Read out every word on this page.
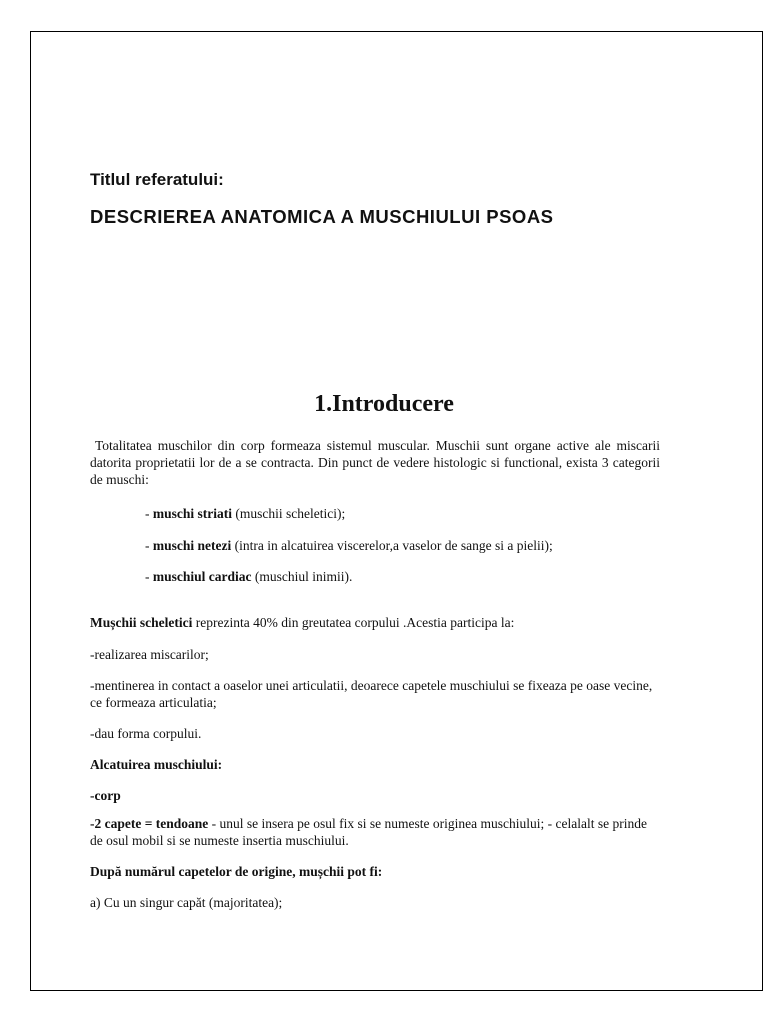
Titlul referatului:
DESCRIEREA ANATOMICA A MUSCHIULUI PSOAS
1.Introducere
Totalitatea muschilor din corp formeaza sistemul muscular. Muschii sunt organe active ale miscarii datorita proprietatii lor de a se contracta. Din punct de vedere histologic si functional, exista 3 categorii de muschi:
- muschi striati (muschii scheletici);
- muschi netezi (intra in alcatuirea viscerelor,a vaselor de sange si a pielii);
- muschiul cardiac (muschiul inimii).
Mușchii scheletici reprezinta 40% din greutatea corpului .Acestia participa la:
-realizarea miscarilor;
-mentinerea in contact a oaselor unei articulatii, deoarece capetele muschiului se fixeaza pe oase vecine, ce formeaza articulatia;
-dau forma corpului.
Alcatuirea muschiului:
-corp
-2 capete = tendoane - unul se insera pe osul fix si se numeste originea muschiului; - celalalt se prinde de osul mobil si se numeste insertia muschiului.
După numărul capetelor de origine, mușchii pot fi:
a) Cu un singur capăt (majoritatea);
